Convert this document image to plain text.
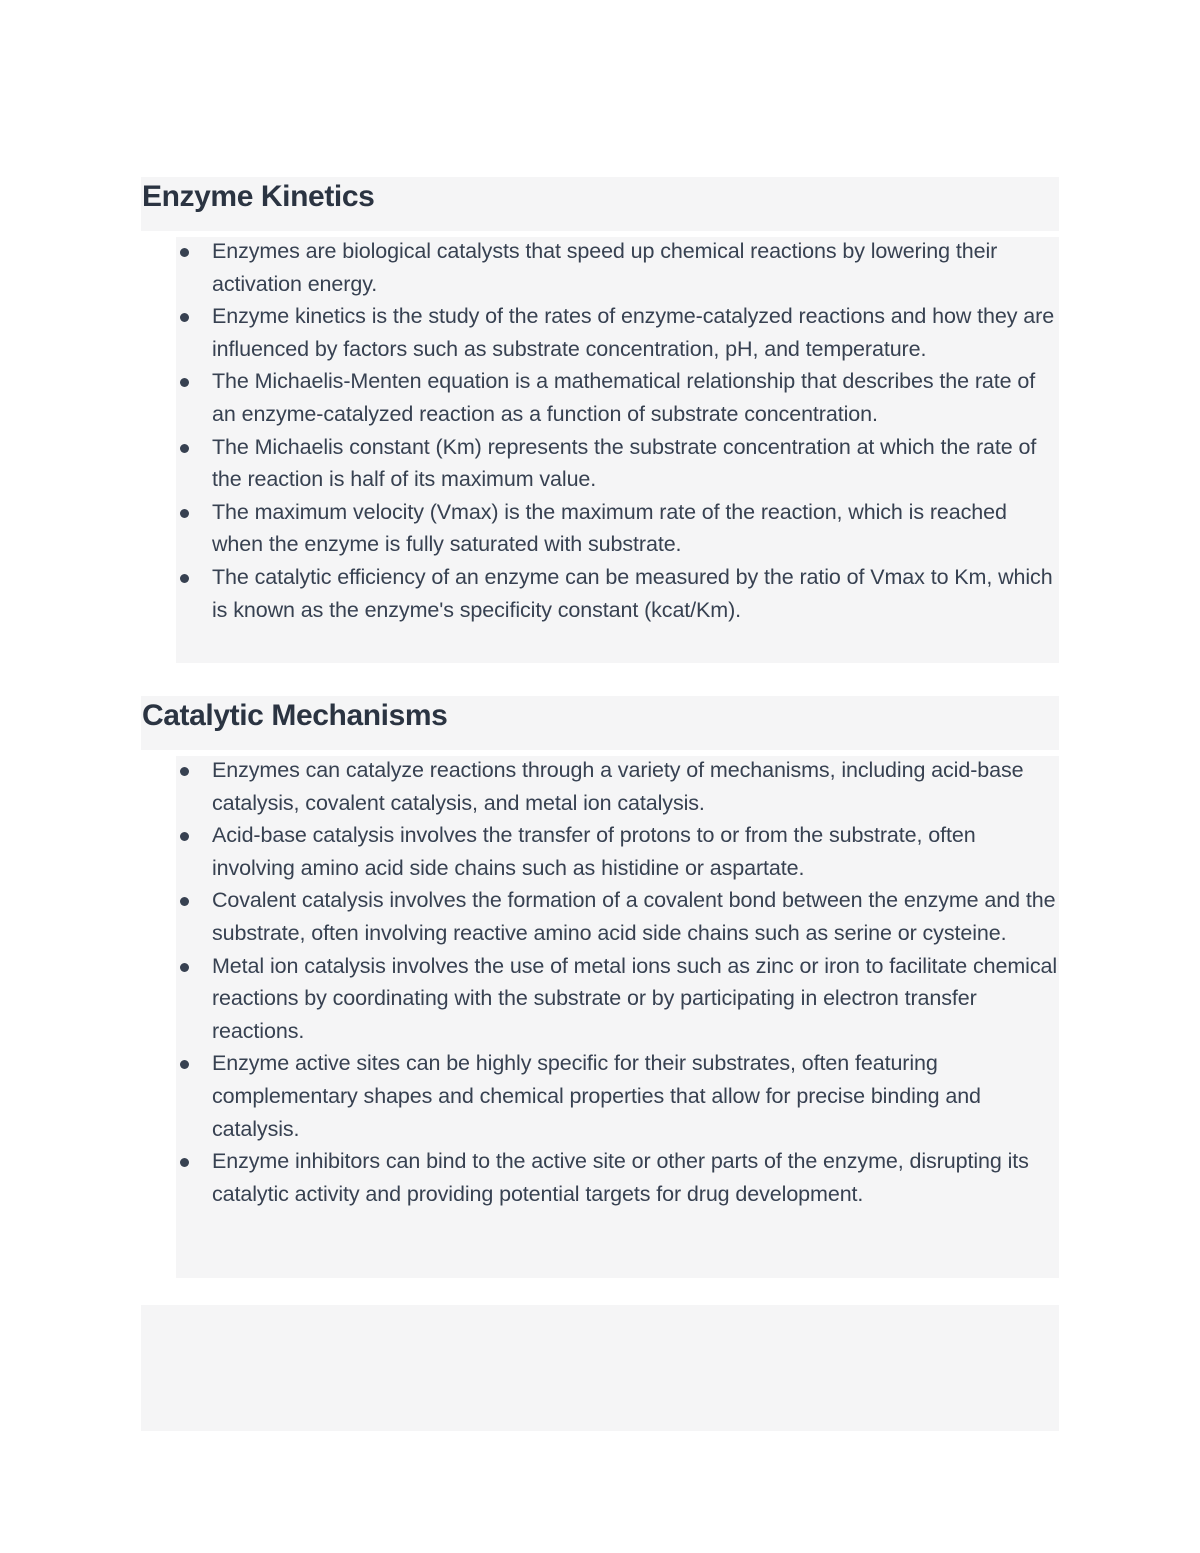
Enzyme Kinetics
Enzymes are biological catalysts that speed up chemical reactions by lowering their activation energy.
Enzyme kinetics is the study of the rates of enzyme-catalyzed reactions and how they are influenced by factors such as substrate concentration, pH, and temperature.
The Michaelis-Menten equation is a mathematical relationship that describes the rate of an enzyme-catalyzed reaction as a function of substrate concentration.
The Michaelis constant (Km) represents the substrate concentration at which the rate of the reaction is half of its maximum value.
The maximum velocity (Vmax) is the maximum rate of the reaction, which is reached when the enzyme is fully saturated with substrate.
The catalytic efficiency of an enzyme can be measured by the ratio of Vmax to Km, which is known as the enzyme's specificity constant (kcat/Km).
Catalytic Mechanisms
Enzymes can catalyze reactions through a variety of mechanisms, including acid-base catalysis, covalent catalysis, and metal ion catalysis.
Acid-base catalysis involves the transfer of protons to or from the substrate, often involving amino acid side chains such as histidine or aspartate.
Covalent catalysis involves the formation of a covalent bond between the enzyme and the substrate, often involving reactive amino acid side chains such as serine or cysteine.
Metal ion catalysis involves the use of metal ions such as zinc or iron to facilitate chemical reactions by coordinating with the substrate or by participating in electron transfer reactions.
Enzyme active sites can be highly specific for their substrates, often featuring complementary shapes and chemical properties that allow for precise binding and catalysis.
Enzyme inhibitors can bind to the active site or other parts of the enzyme, disrupting its catalytic activity and providing potential targets for drug development.
